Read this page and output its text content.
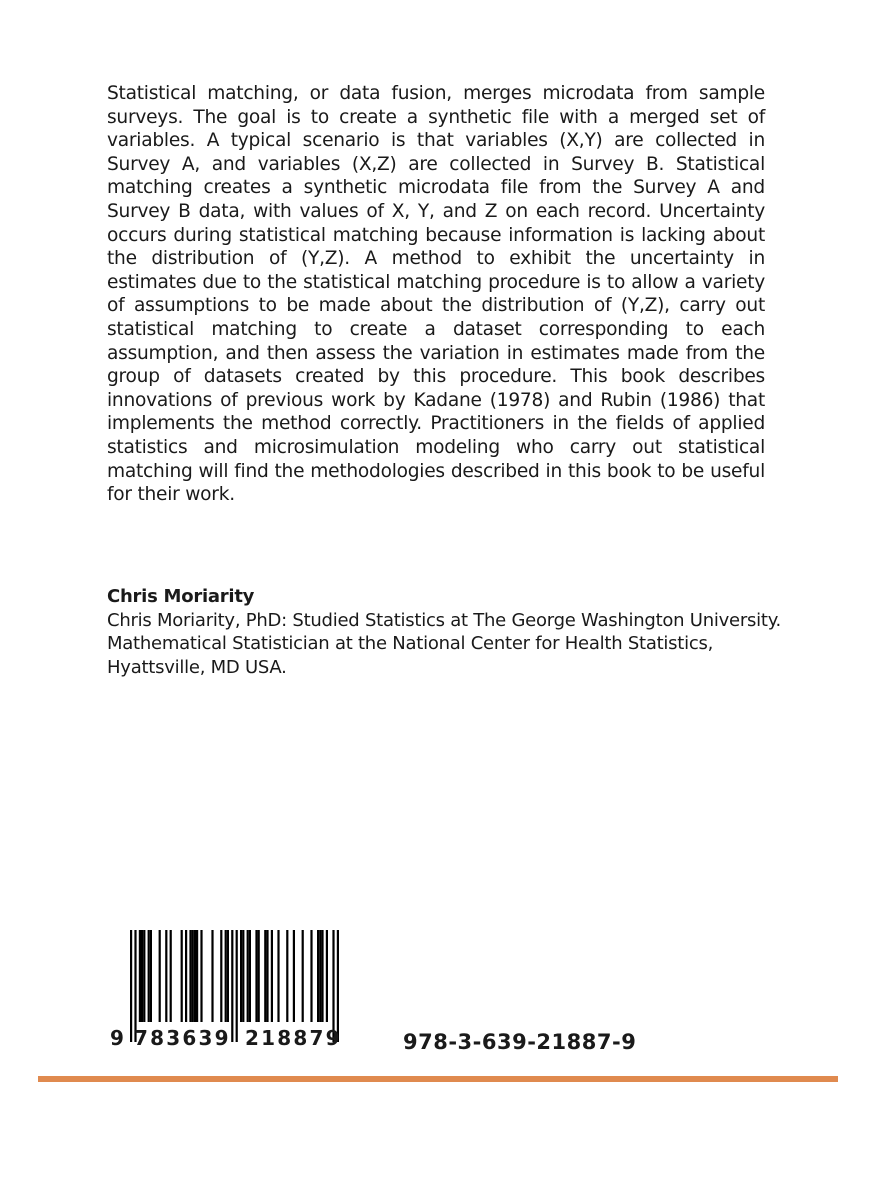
Statistical matching, or data fusion, merges microdata from sample surveys. The goal is to create a synthetic file with a merged set of variables. A typical scenario is that variables (X,Y) are collected in Survey A, and variables (X,Z) are collected in Survey B. Statistical matching creates a synthetic microdata file from the Survey A and Survey B data, with values of X, Y, and Z on each record. Uncertainty occurs during statistical matching because information is lacking about the distribution of (Y,Z). A method to exhibit the uncertainty in estimates due to the statistical matching procedure is to allow a variety of assumptions to be made about the distribution of (Y,Z), carry out statistical matching to create a dataset corresponding to each assumption, and then assess the variation in estimates made from the group of datasets created by this procedure. This book describes innovations of previous work by Kadane (1978) and Rubin (1986) that implements the method correctly. Practitioners in the fields of applied statistics and microsimulation modeling who carry out statistical matching will find the methodologies described in this book to be useful for their work.
Chris Moriarity
Chris Moriarity, PhD: Studied Statistics at The George Washington University. Mathematical Statistician at the National Center for Health Statistics, Hyattsville, MD USA.
9 783639 218879	978-3-639-21887-9
